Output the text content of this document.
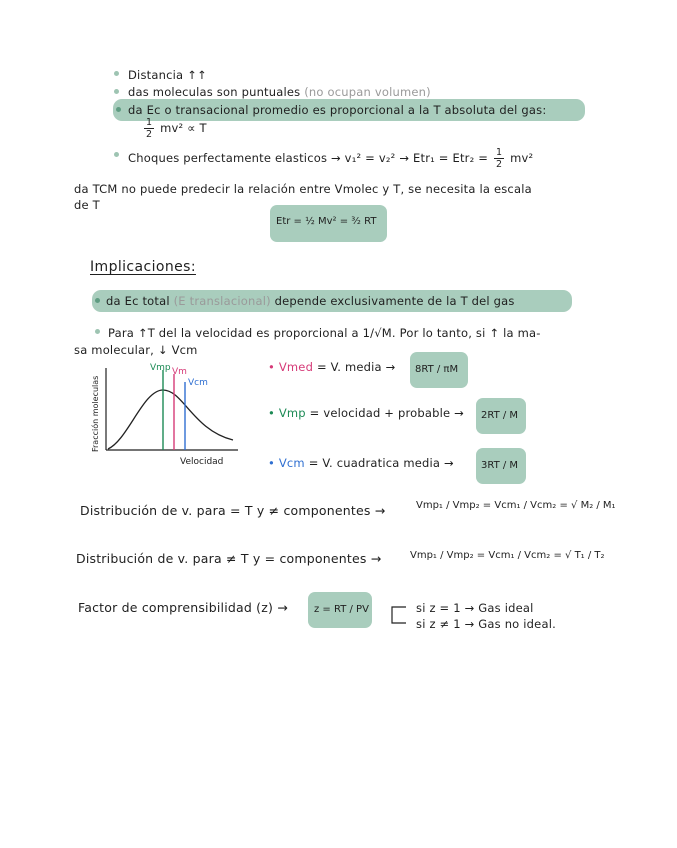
Distancia ↑↑
das moleculas son puntuales (no ocupan volumen)
da Ec o transacional promedio es proporcional a la T absoluta del gas:
$\frac{1}{2} mv^2 \propto T$
Choques perfectamente elasticos → $v_1^2 = v_2^2 \to Etr_1 = Etr_2 = \frac{1}{2} mv^2$
da TCM no puede predecir la relación entre Vmolec y T, se necesita la escala
de T
Etr = ½ Mv² = ³⁄₂ RT
Implicaciones:
da Ec total (E translacional) depende exclusivamente de la T del gas
Para ↑T del la velocidad es proporcional a 1/√M. Por lo tanto, si ↑ la ma-
sa molecular, ↓ Vcm
Vmp Vm
Vcm
Velocidad
Fracción moleculas
• Vmed = V. media → 8RT / πM
• Vmp = velocidad + probable → 2RT / M
• Vcm = V. cuadratica media →	3RT / M
Distribución de v. para = T y ≠ componentes →	Vmp₁ / Vmp₂ = Vcm₁ / Vcm₂ = √ M₂ / M₁
Distribución de v. para ≠ T y = componentes →	Vmp₁ / Vmp₂ = Vcm₁ / Vcm₂ = √ T₁ / T₂
Factor de comprensibilidad (z) →	z = RT / PV	si z = 1 → Gas ideal
si z ≠ 1 → Gas no ideal.
